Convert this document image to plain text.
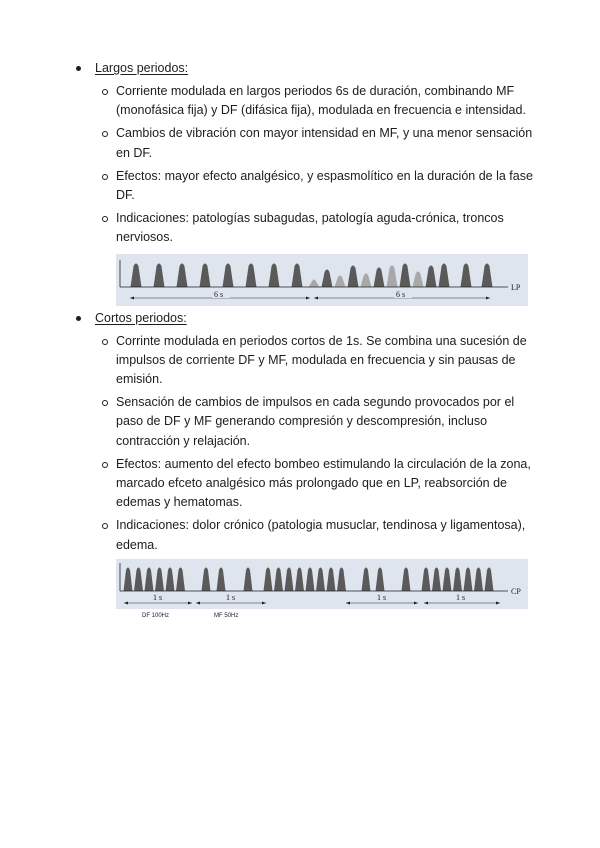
Largos periodos:
Corriente modulada en largos periodos 6s de duración, combinando MF (monofásica fija) y DF (difásica fija), modulada en frecuencia e intensidad.
Cambios de vibración con mayor intensidad en MF, y una menor sensación en DF.
Efectos: mayor efecto analgésico, y espasmolítico en la duración de la fase DF.
Indicaciones: patologías subagudas, patología aguda-crónica, troncos nerviosos.
LP
6 s	6 s
Cortos periodos:
Corrinte modulada en periodos cortos de 1s. Se combina una sucesión de impulsos de corriente DF y MF, modulada en frecuencia y sin pausas de emisión.
Sensación de cambios de impulsos en cada segundo provocados por el paso de DF y MF generando compresión y descompresión, incluso contracción y relajación.
Efectos: aumento del efecto bombeo estimulando la circulación de la zona, marcado efceto analgésico más prolongado que en LP, reabsorción de edemas y hematomas.
Indicaciones: dolor crónico (patologia musuclar, tendinosa y ligamentosa), edema.
CP
1 s	1 s	1 s	1 s
DF 100Hz	MF 50Hz
